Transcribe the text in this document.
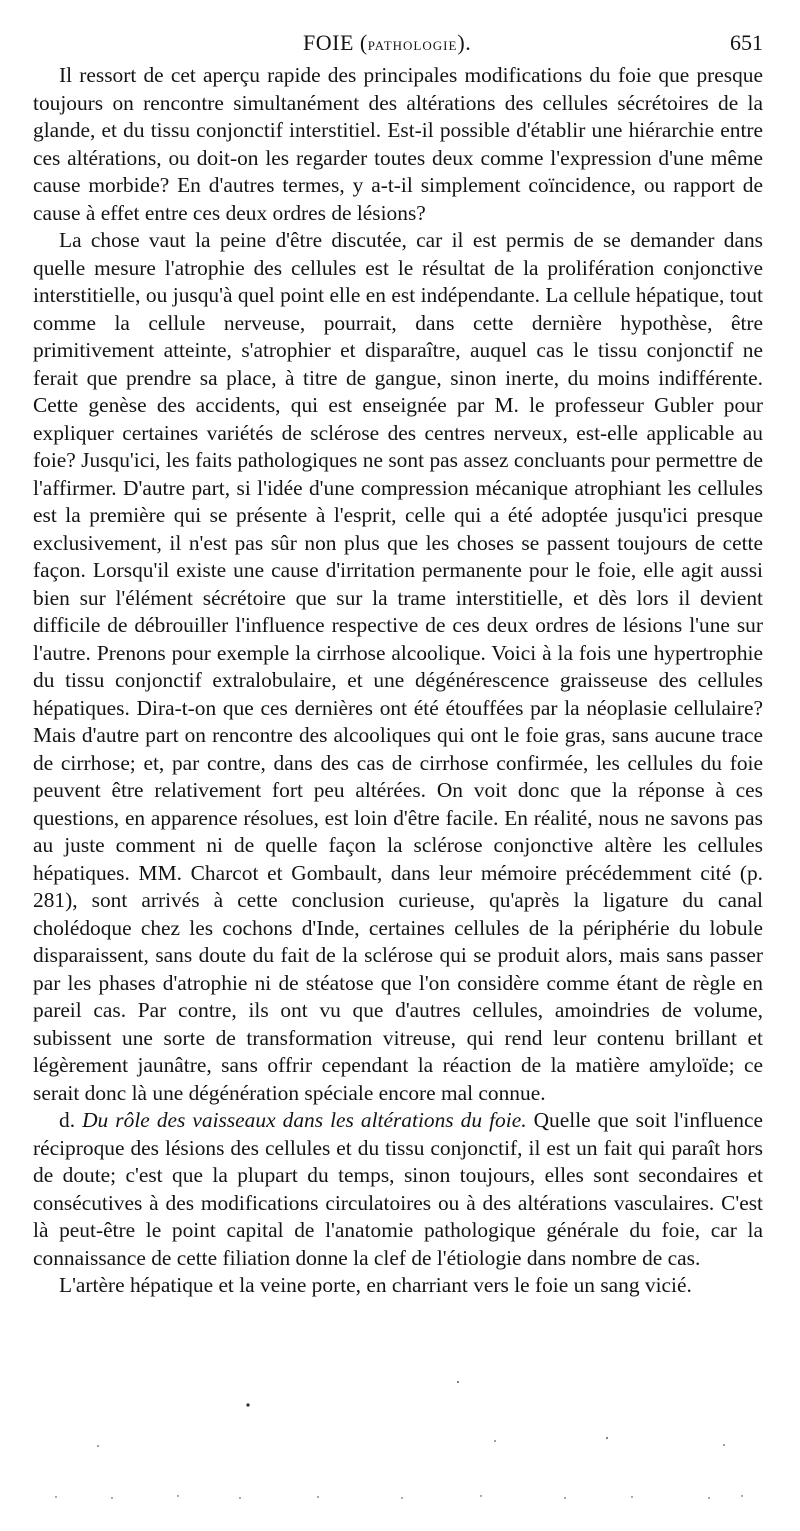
FOIE (pathologie).	651

Il ressort de cet aperçu rapide des principales modifications du foie que presque toujours on rencontre simultanément des altérations des cellules sécrétoires de la glande, et du tissu conjonctif interstitiel. Est-il possible d'établir une hiérarchie entre ces altérations, ou doit-on les regarder toutes deux comme l'expression d'une même cause morbide? En d'autres termes, y a-t-il simplement coïncidence, ou rapport de cause à effet entre ces deux ordres de lésions?

La chose vaut la peine d'être discutée, car il est permis de se demander dans quelle mesure l'atrophie des cellules est le résultat de la prolifération conjonctive interstitielle, ou jusqu'à quel point elle en est indépendante. La cellule hépatique, tout comme la cellule nerveuse, pourrait, dans cette dernière hypothèse, être primitivement atteinte, s'atrophier et disparaître, auquel cas le tissu conjonctif ne ferait que prendre sa place, à titre de gangue, sinon inerte, du moins indifférente. Cette genèse des accidents, qui est enseignée par M. le professeur Gubler pour expliquer certaines variétés de sclérose des centres nerveux, est-elle applicable au foie? Jusqu'ici, les faits pathologiques ne sont pas assez concluants pour permettre de l'affirmer. D'autre part, si l'idée d'une compression mécanique atrophiant les cellules est la première qui se présente à l'esprit, celle qui a été adoptée jusqu'ici presque exclusivement, il n'est pas sûr non plus que les choses se passent toujours de cette façon. Lorsqu'il existe une cause d'irritation permanente pour le foie, elle agit aussi bien sur l'élément sécrétoire que sur la trame interstitielle, et dès lors il devient difficile de débrouiller l'influence respective de ces deux ordres de lésions l'une sur l'autre. Prenons pour exemple la cirrhose alcoolique. Voici à la fois une hypertrophie du tissu conjonctif extralobulaire, et une dégénérescence graisseuse des cellules hépatiques. Dira-t-on que ces dernières ont été étouffées par la néoplasie cellulaire? Mais d'autre part on rencontre des alcooliques qui ont le foie gras, sans aucune trace de cirrhose; et, par contre, dans des cas de cirrhose confirmée, les cellules du foie peuvent être relativement fort peu altérées. On voit donc que la réponse à ces questions, en apparence résolues, est loin d'être facile. En réalité, nous ne savons pas au juste comment ni de quelle façon la sclérose conjonctive altère les cellules hépatiques. MM. Charcot et Gombault, dans leur mémoire précédemment cité (p. 281), sont arrivés à cette conclusion curieuse, qu'après la ligature du canal cholédoque chez les cochons d'Inde, certaines cellules de la périphérie du lobule disparaissent, sans doute du fait de la sclérose qui se produit alors, mais sans passer par les phases d'atrophie ni de stéatose que l'on considère comme étant de règle en pareil cas. Par contre, ils ont vu que d'autres cellules, amoindries de volume, subissent une sorte de transformation vitreuse, qui rend leur contenu brillant et légèrement jaunâtre, sans offrir cependant la réaction de la matière amyloïde; ce serait donc là une dégénération spéciale encore mal connue.

d. Du rôle des vaisseaux dans les altérations du foie. Quelle que soit l'influence réciproque des lésions des cellules et du tissu conjonctif, il est un fait qui paraît hors de doute; c'est que la plupart du temps, sinon toujours, elles sont secondaires et consécutives à des modifications circulatoires ou à des altérations vasculaires. C'est là peut-être le point capital de l'anatomie pathologique générale du foie, car la connaissance de cette filiation donne la clef de l'étiologie dans nombre de cas.

L'artère hépatique et la veine porte, en charriant vers le foie un sang vicié.
